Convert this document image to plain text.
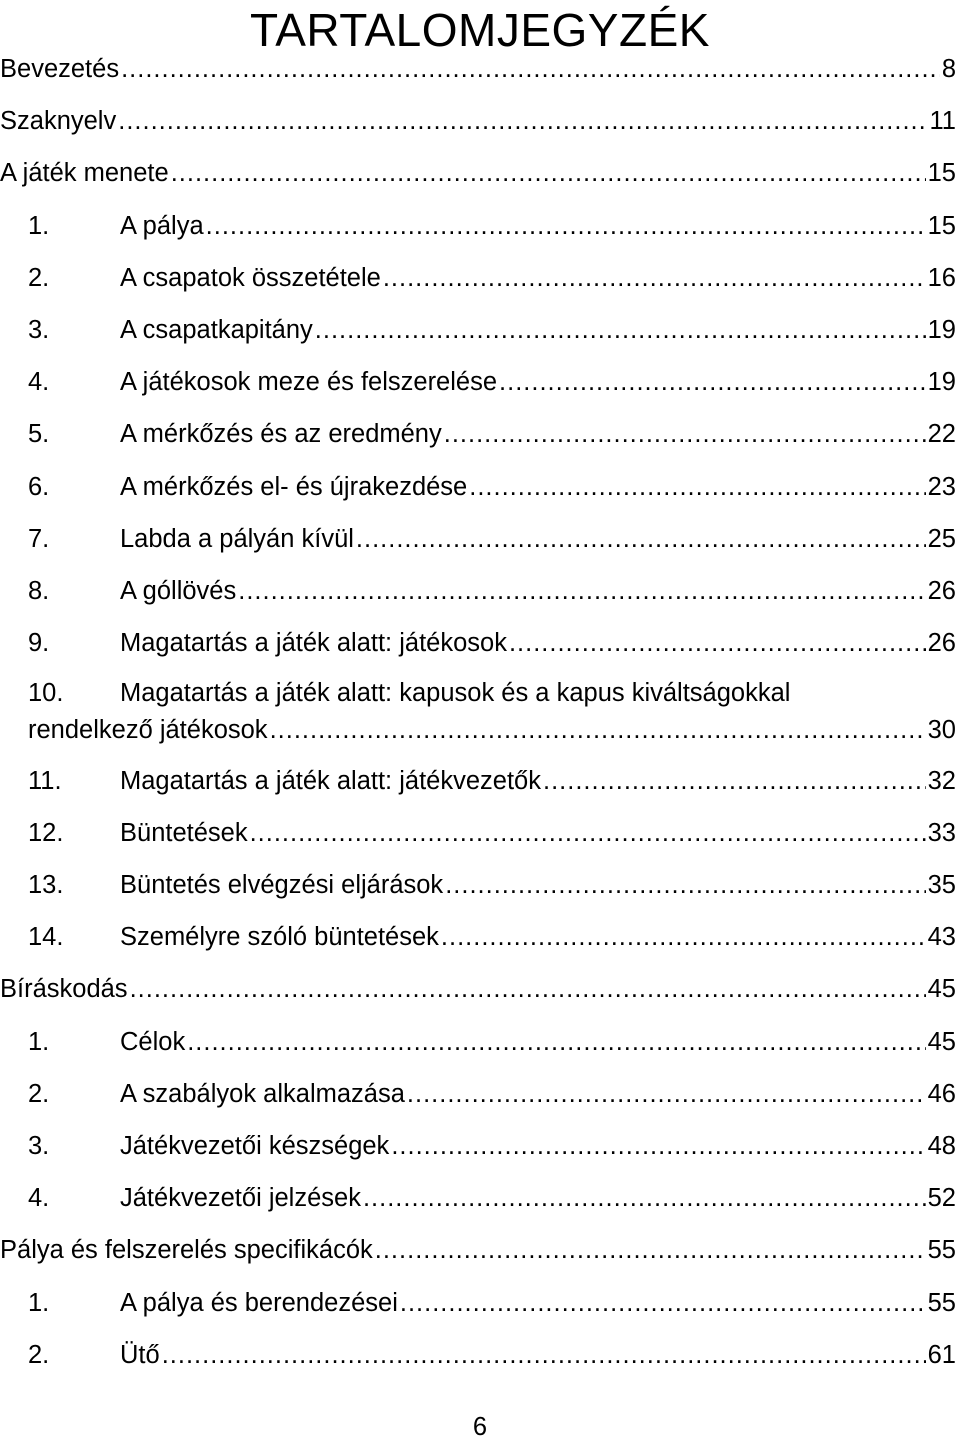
TARTALOMJEGYZÉK
Bevezetés .....	8
Szaknyelv .....	11
A játék menete .....	15
1.	A pálya .....	15
2.	A csapatok összetétele .....	16
3.	A csapatkapitány .....	19
4.	A játékosok meze és felszerelése .....	19
5.	A mérkőzés és az eredmény .....	22
6.	A mérkőzés el- és újrakezdése .....	23
7.	Labda a pályán kívül .....	25
8.	A góllövés .....	26
9.	Magatartás a játék alatt: játékosok .....	26
10. Magatartás a játék alatt: kapusok és a kapus kiváltságokkal
rendelkező játékosok .....	30
11.	Magatartás a játék alatt: játékvezetők .....	32
12.	Büntetések .....	33
13.	Büntetés elvégzési eljárások .....	35
14.	Személyre szóló büntetések .....	43
Bíráskodás .....	45
1.	Célok .....	45
2.	A szabályok alkalmazása .....	46
3.	Játékvezetői készségek .....	48
4.	Játékvezetői jelzések .....	52
Pálya és felszerelés specifikácók .....	55
1.	A pálya és berendezései .....	55
2.	Ütő .....	61
6
